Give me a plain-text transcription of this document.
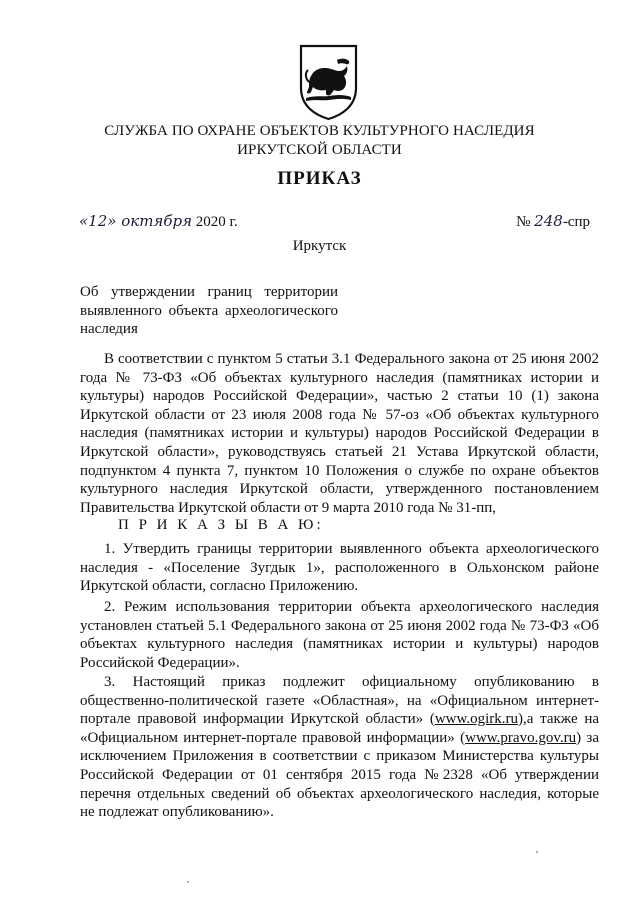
СЛУЖБА ПО ОХРАНЕ ОБЪЕКТОВ КУЛЬТУРНОГО НАСЛЕДИЯ
ИРКУТСКОЙ ОБЛАСТИ
ПРИКАЗ
«12» октября 2020 г.	№ 248-спр
Иркутск
Об утверждении границ территории
выявленного объекта археологического
наследия

В соответствии с пунктом 5 статьи 3.1 Федерального закона от 25 июня 2002 года № 73-ФЗ «Об объектах культурного наследия (памятниках истории и культуры) народов Российской Федерации», частью 2 статьи 10 (1) закона Иркутской области от 23 июля 2008 года № 57-оз «Об объектах культурного наследия (памятниках истории и культуры) народов Российской Федерации в Иркутской области», руководствуясь статьей 21 Устава Иркутской области, подпунктом 4 пункта 7, пунктом 10 Положения о службе по охране объектов культурного наследия Иркутской области, утвержденного постановлением Правительства Иркутской области от 9 марта 2010 года № 31-пп,

П Р И К А З Ы В А Ю:

1. Утвердить границы территории выявленного объекта археологического наследия - «Поселение Зугдык 1», расположенного в Ольхонском районе Иркутской области, согласно Приложению.

2. Режим использования территории объекта археологического наследия установлен статьей 5.1 Федерального закона от 25 июня 2002 года № 73-ФЗ «Об объектах культурного наследия (памятниках истории и культуры) народов Российской Федерации».

3. Настоящий приказ подлежит официальному опубликованию в общественно-политической газете «Областная», на «Официальном интернет-портале правовой информации Иркутской области» (www.ogirk.ru),а также на «Официальном интернет-портале правовой информации» (www.pravo.gov.ru) за исключением Приложения в соответствии с приказом Министерства культуры Российской Федерации от 01 сентября 2015 года №2328 «Об утверждении перечня отдельных сведений об объектах археологического наследия, которые не подлежат опубликованию».
